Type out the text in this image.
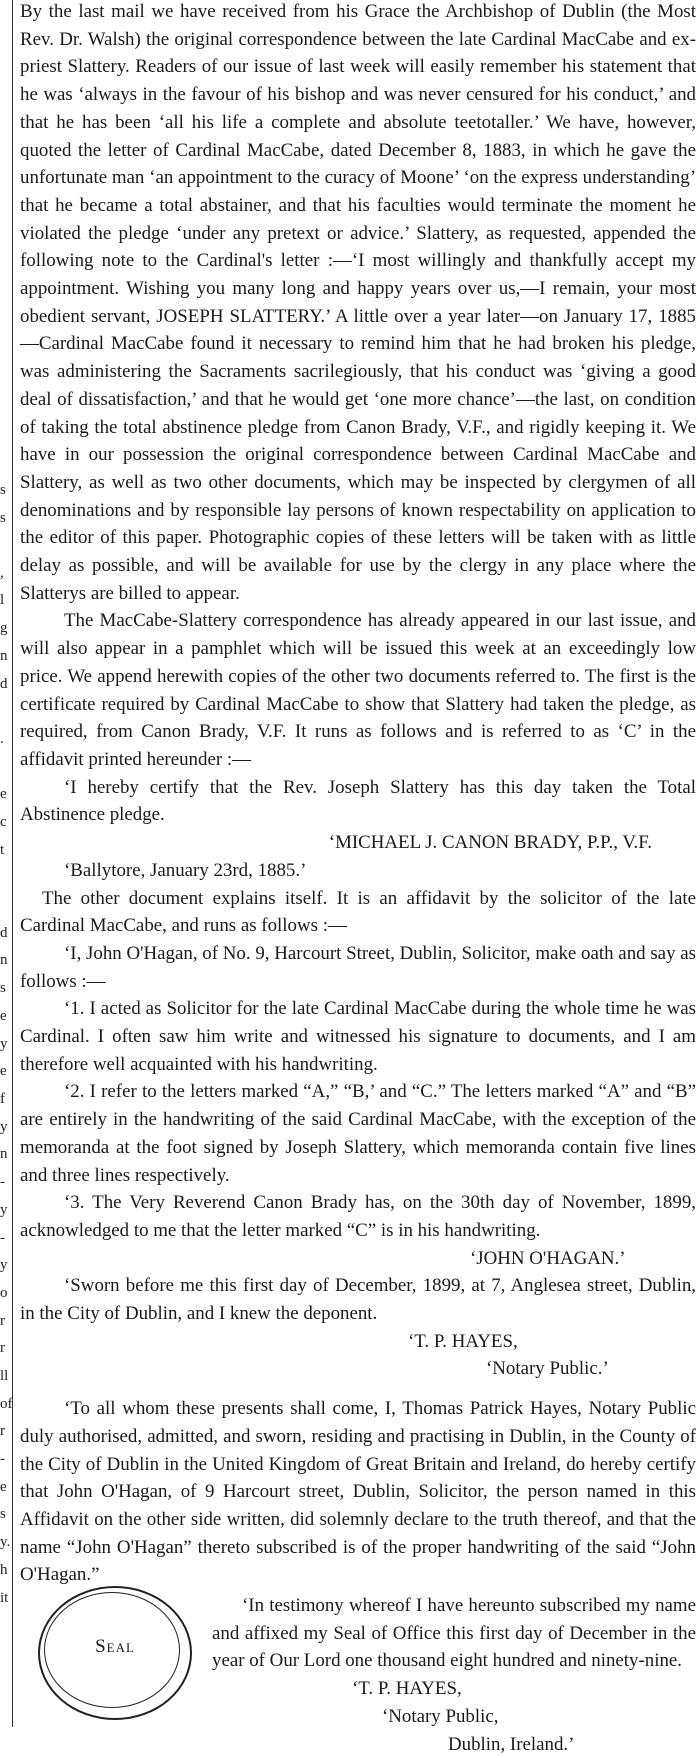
s
s
,
l
g
n
d
.
e
c
t
d
n
s
e
y
e
f
y
n
-
y
-
y
o
r
r
ll
of
r
-
e
s
y.
h
it

By the last mail we have received from his Grace the Archbishop of Dublin (the Most Rev. Dr. Walsh) the original correspondence between the late Cardinal MacCabe and ex-priest Slattery. Readers of our issue of last week will easily remember his statement that he was ‘always in the favour of his bishop and was never censured for his conduct,’ and that he has been ‘all his life a complete and absolute teetotaller.’ We have, however, quoted the letter of Cardinal MacCabe, dated December 8, 1883, in which he gave the unfortunate man ‘an appointment to the curacy of Moone’ ‘on the express understanding’ that he became a total abstainer, and that his faculties would terminate the moment he violated the pledge ‘under any pretext or advice.’ Slattery, as requested, appended the following note to the Cardinal's letter :—‘I most willingly and thankfully accept my appointment. Wishing you many long and happy years over us,—I remain, your most obedient servant, JOSEPH SLATTERY.’ A little over a year later—on January 17, 1885—Cardinal MacCabe found it necessary to remind him that he had broken his pledge, was administering the Sacraments sacrilegiously, that his conduct was ‘giving a good deal of dissatisfaction,’ and that he would get ‘one more chance’—the last, on condition of taking the total abstinence pledge from Canon Brady, V.F., and rigidly keeping it. We have in our possession the original correspondence between Cardinal MacCabe and Slattery, as well as two other documents, which may be inspected by clergymen of all denominations and by responsible lay persons of known respectability on application to the editor of this paper. Photographic copies of these letters will be taken with as little delay as possible, and will be available for use by the clergy in any place where the Slatterys are billed to appear.

The MacCabe-Slattery correspondence has already appeared in our last issue, and will also appear in a pamphlet which will be issued this week at an exceedingly low price. We append herewith copies of the other two documents referred to. The first is the certificate required by Cardinal MacCabe to show that Slattery had taken the pledge, as required, from Canon Brady, V.F. It runs as follows and is referred to as ‘C’ in the affidavit printed hereunder :—

‘I hereby certify that the Rev. Joseph Slattery has this day taken the Total Abstinence pledge.

‘MICHAEL J. CANON BRADY, P.P., V.F.

‘Ballytore, January 23rd, 1885.’

The other document explains itself. It is an affidavit by the solicitor of the late Cardinal MacCabe, and runs as follows :—

‘I, John O'Hagan, of No. 9, Harcourt Street, Dublin, Solicitor, make oath and say as follows :—

‘1. I acted as Solicitor for the late Cardinal MacCabe during the whole time he was Cardinal. I often saw him write and witnessed his signature to documents, and I am therefore well acquainted with his handwriting.

‘2. I refer to the letters marked “A,” “B,’ and “C.” The letters marked “A” and “B” are entirely in the handwriting of the said Cardinal MacCabe, with the exception of the memoranda at the foot signed by Joseph Slattery, which memoranda contain five lines and three lines respectively.

‘3. The Very Reverend Canon Brady has, on the 30th day of November, 1899, acknowledged to me that the letter marked “C” is in his handwriting.

‘JOHN O'HAGAN.’

‘Sworn before me this first day of December, 1899, at 7, Anglesea street, Dublin, in the City of Dublin, and I knew the deponent.

‘T. P. HAYES,

‘Notary Public.’

‘To all whom these presents shall come, I, Thomas Patrick Hayes, Notary Public duly authorised, admitted, and sworn, residing and practising in Dublin, in the County of the City of Dublin in the United Kingdom of Great Britain and Ireland, do hereby certify that John O'Hagan, of 9 Harcourt street, Dublin, Solicitor, the person named in this Affidavit on the other side written, did solemnly declare to the truth thereof, and that the name “John O'Hagan” thereto subscribed is of the proper handwriting of the said “John O'Hagan.”

Seal

‘In testimony whereof I have hereunto subscribed my name and affixed my Seal of Office this first day of December in the year of Our Lord one thousand eight hundred and ninety-nine.

‘T. P. HAYES,

‘Notary Public,

Dublin, Ireland.’
